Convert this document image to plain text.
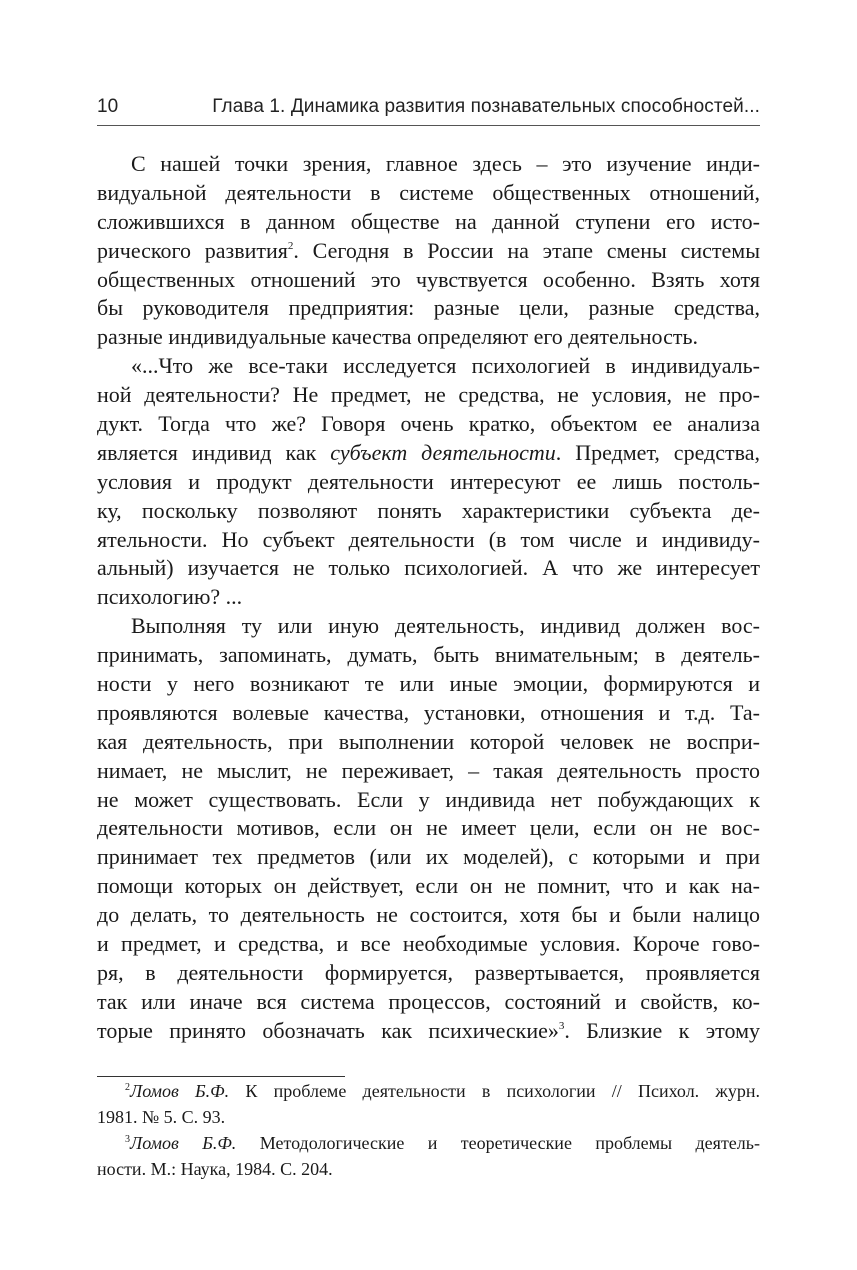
10	Глава 1. Динамика развития познавательных способностей...
С нашей точки зрения, главное здесь – это изучение инди-
видуальной деятельности в системе общественных отношений,
сложившихся в данном обществе на данной ступени его исто-
рического развития$^2$. Сегодня в России на этапе смены системы
общественных отношений это чувствуется особенно. Взять хотя
бы руководителя предприятия: разные цели, разные средства,
разные индивидуальные качества определяют его деятельность.
«...Что же все-таки исследуется психологией в индивидуаль-
ной деятельности? Не предмет, не средства, не условия, не про-
дукт. Тогда что же? Говоря очень кратко, объектом ее анализа
является индивид как субъект деятельности. Предмет, средства,
условия и продукт деятельности интересуют ее лишь постоль-
ку, поскольку позволяют понять характеристики субъекта де-
ятельности. Но субъект деятельности (в том числе и индивиду-
альный) изучается не только психологией. А что же интересует
психологию? ...
Выполняя ту или иную деятельность, индивид должен вос-
принимать, запоминать, думать, быть внимательным; в деятель-
ности у него возникают те или иные эмоции, формируются и
проявляются волевые качества, установки, отношения и т.д. Та-
кая деятельность, при выполнении которой человек не воспри-
нимает, не мыслит, не переживает, – такая деятельность просто
не может существовать. Если у индивида нет побуждающих к
деятельности мотивов, если он не имеет цели, если он не вос-
принимает тех предметов (или их моделей), с которыми и при
помощи которых он действует, если он не помнит, что и как на-
до делать, то деятельность не состоится, хотя бы и были налицо
и предмет, и средства, и все необходимые условия. Короче гово-
ря, в деятельности формируется, развертывается, проявляется
так или иначе вся система процессов, состояний и свойств, ко-
торые принято обозначать как психические»$^3$. Близкие к этому
$^2$Ломов Б.Ф. К проблеме деятельности в психологии // Психол. журн.
1981. № 5. С. 93.
$^3$Ломов Б.Ф. Методологические и теоретические проблемы деятель-
ности. М.: Наука, 1984. С. 204.
